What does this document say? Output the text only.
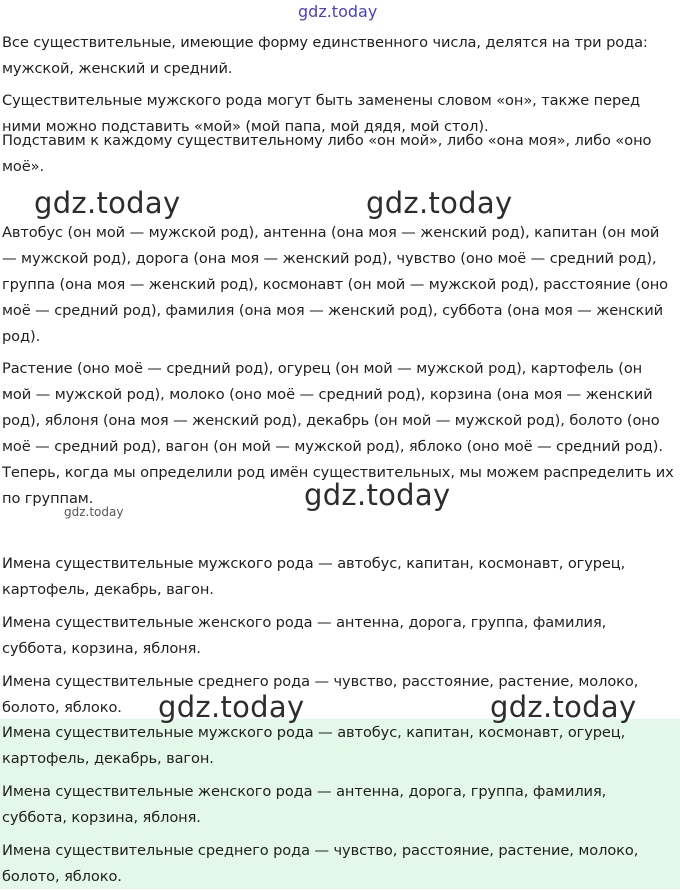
gdz.today

Все существительные, имеющие форму единственного числа, делятся на три рода: мужской, женский и средний.

Существительные мужского рода могут быть заменены словом «он», также перед ними можно подставить «мой» (мой папа, мой дядя, мой стол).

Подставим к каждому существительному либо «он мой», либо «она моя», либо «оно моё».

gdz.today	gdz.today

Автобус (он мой — мужской род), антенна (она моя — женский род), капитан (он мой — мужской род), дорога (она моя — женский род), чувство (оно моё — средний род), группа (она моя — женский род), космонавт (он мой — мужской род), расстояние (оно моё — средний род), фамилия (она моя — женский род), суббота (она моя — женский род).

Растение (оно моё — средний род), огурец (он мой — мужской род), картофель (он мой — мужской род), молоко (оно моё — средний род), корзина (она моя — женский род), яблоня (она моя — женский род), декабрь (он мой — мужской род), болото (оно моё — средний род), вагон (он мой — мужской род), яблоко (оно моё — средний род).

Теперь, когда мы определили род имён существительных, мы можем распределить их по группам.	gdz.today
gdz.today

Имена существительные мужского рода — автобус, капитан, космонавт, огурец, картофель, декабрь, вагон.

Имена существительные женского рода — антенна, дорога, группа, фамилия, суббота, корзина, яблоня.

Имена существительные среднего рода — чувство, расстояние, растение, молоко, болото, яблоко.	gdz.today	gdz.today

Имена существительные мужского рода — автобус, капитан, космонавт, огурец, картофель, декабрь, вагон.

Имена существительные женского рода — антенна, дорога, группа, фамилия, суббота, корзина, яблоня.

Имена существительные среднего рода — чувство, расстояние, растение, молоко, болото, яблоко.
